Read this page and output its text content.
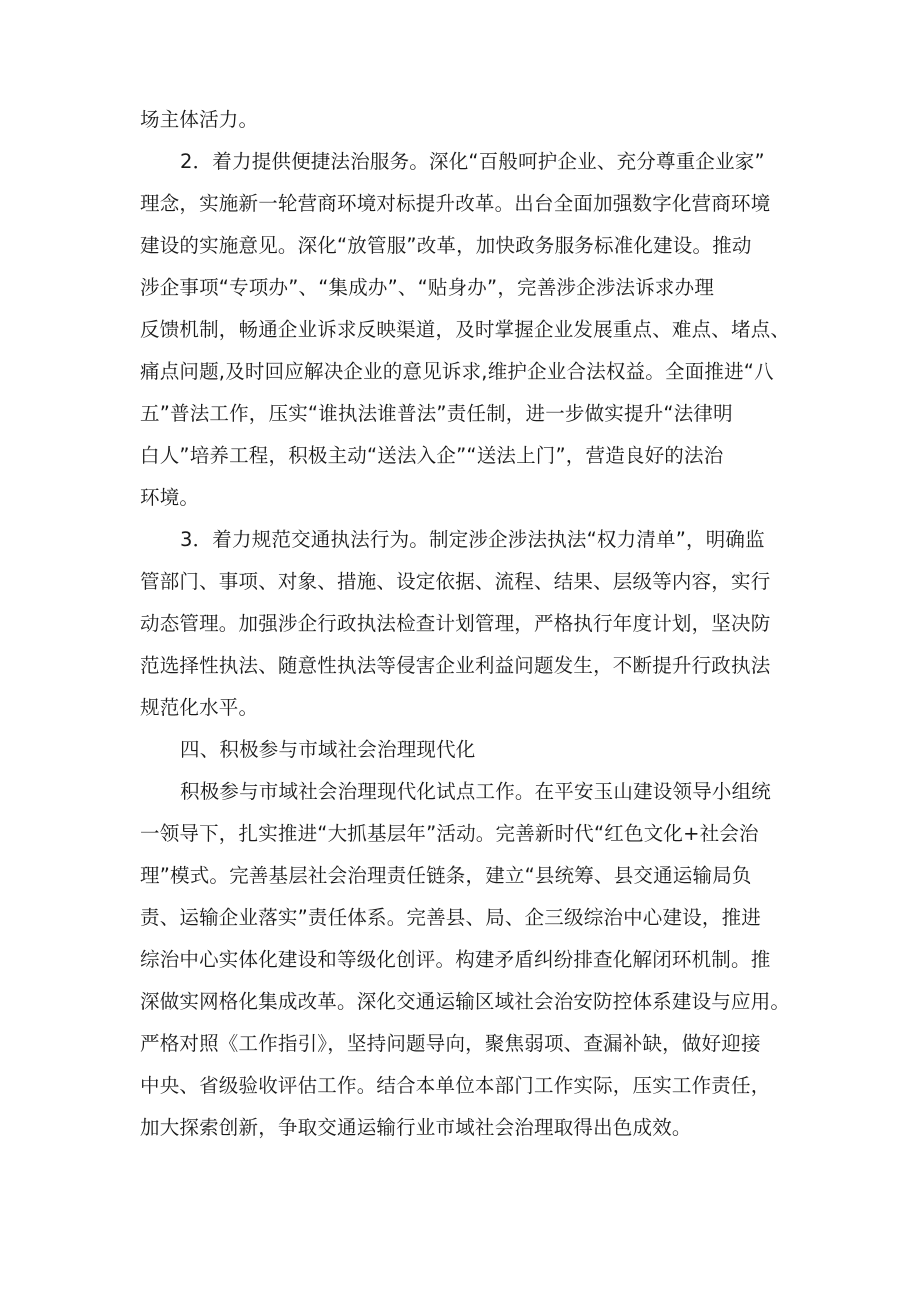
场主体活力。
2．着力提供便捷法治服务。深化“百般呵护企业、充分尊重企业家”
理念，实施新一轮营商环境对标提升改革。出台全面加强数字化营商环境
建设的实施意见。深化“放管服”改革，加快政务服务标准化建设。推动
涉企事项“专项办”、“集成办”、“贴身办”，完善涉企涉法诉求办理
反馈机制，畅通企业诉求反映渠道，及时掌握企业发展重点、难点、堵点、
痛点问题,及时回应解决企业的意见诉求,维护企业合法权益。全面推进“八
五”普法工作，压实“谁执法谁普法”责任制，进一步做实提升“法律明
白人”培养工程，积极主动“送法入企”“送法上门”，营造良好的法治
环境。
3．着力规范交通执法行为。制定涉企涉法执法“权力清单”，明确监
管部门、事项、对象、措施、设定依据、流程、结果、层级等内容，实行
动态管理。加强涉企行政执法检查计划管理，严格执行年度计划，坚决防
范选择性执法、随意性执法等侵害企业利益问题发生，不断提升行政执法
规范化水平。
四、积极参与市域社会治理现代化
积极参与市域社会治理现代化试点工作。在平安玉山建设领导小组统
一领导下，扎实推进“大抓基层年”活动。完善新时代“红色文化+社会治
理”模式。完善基层社会治理责任链条，建立“县统筹、县交通运输局负
责、运输企业落实”责任体系。完善县、局、企三级综治中心建设，推进
综治中心实体化建设和等级化创评。构建矛盾纠纷排查化解闭环机制。推
深做实网格化集成改革。深化交通运输区域社会治安防控体系建设与应用。
严格对照《工作指引》，坚持问题导向，聚焦弱项、查漏补缺，做好迎接
中央、省级验收评估工作。结合本单位本部门工作实际，压实工作责任，
加大探索创新，争取交通运输行业市域社会治理取得出色成效。
